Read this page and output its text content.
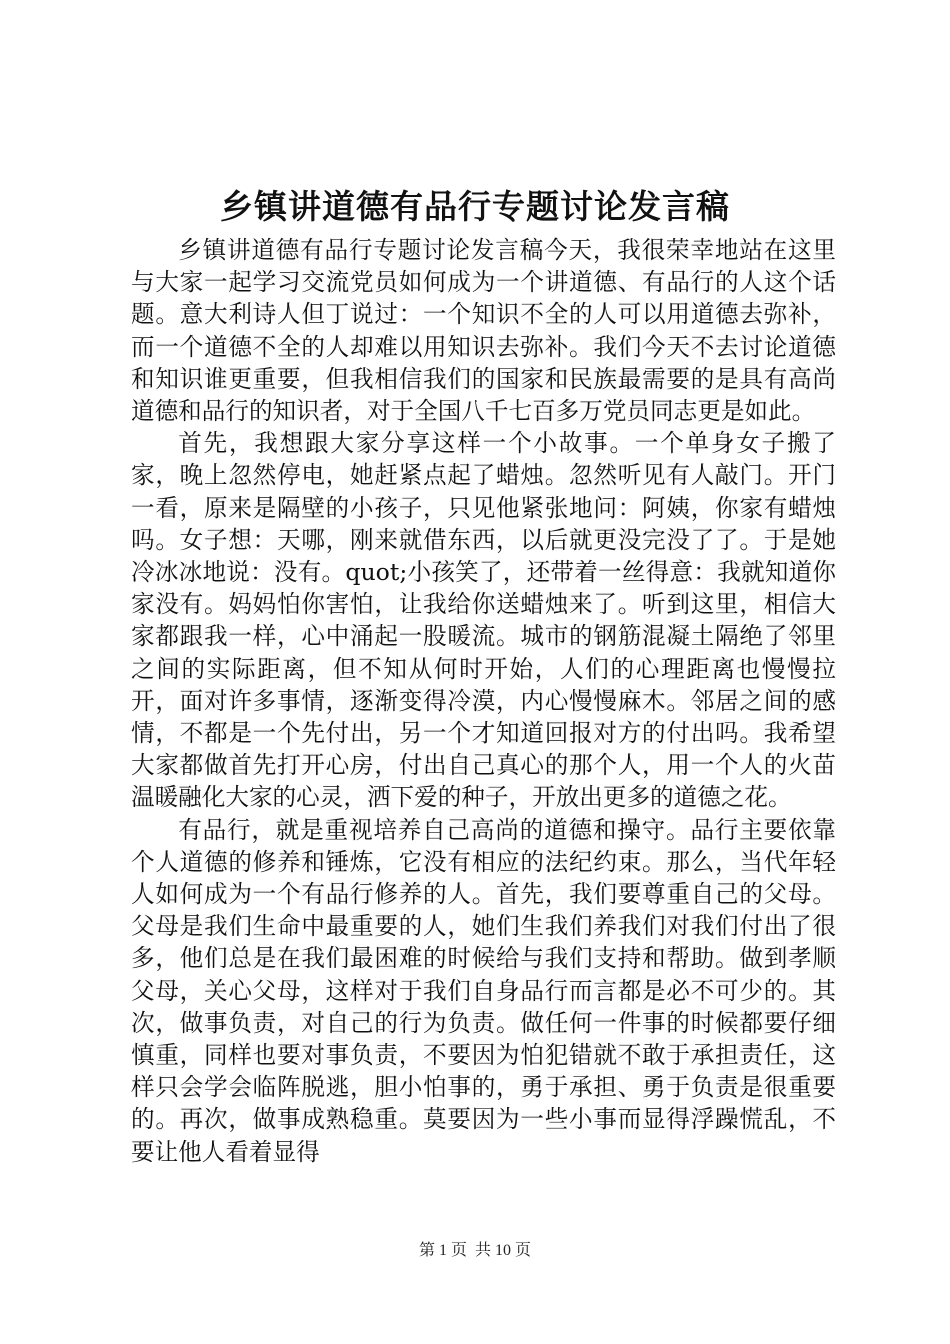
乡镇讲道德有品行专题讨论发言稿

乡镇讲道德有品行专题讨论发言稿今天，我很荣幸地站在这里与大家一起学习交流党员如何成为一个讲道德、有品行的人这个话题。意大利诗人但丁说过：一个知识不全的人可以用道德去弥补，而一个道德不全的人却难以用知识去弥补。我们今天不去讨论道德和知识谁更重要，但我相信我们的国家和民族最需要的是具有高尚道德和品行的知识者，对于全国八千七百多万党员同志更是如此。

首先，我想跟大家分享这样一个小故事。一个单身女子搬了家，晚上忽然停电，她赶紧点起了蜡烛。忽然听见有人敲门。开门一看，原来是隔壁的小孩子，只见他紧张地问：阿姨，你家有蜡烛吗。女子想：天哪，刚来就借东西，以后就更没完没了了。于是她冷冰冰地说：没有。quot;小孩笑了，还带着一丝得意：我就知道你家没有。妈妈怕你害怕，让我给你送蜡烛来了。听到这里，相信大家都跟我一样，心中涌起一股暖流。城市的钢筋混凝土隔绝了邻里之间的实际距离，但不知从何时开始，人们的心理距离也慢慢拉开，面对许多事情，逐渐变得冷漠，内心慢慢麻木。邻居之间的感情，不都是一个先付出，另一个才知道回报对方的付出吗。我希望大家都做首先打开心房，付出自己真心的那个人，用一个人的火苗温暖融化大家的心灵，洒下爱的种子，开放出更多的道德之花。

有品行，就是重视培养自己高尚的道德和操守。品行主要依靠个人道德的修养和锤炼，它没有相应的法纪约束。那么，当代年轻人如何成为一个有品行修养的人。首先，我们要尊重自己的父母。父母是我们生命中最重要的人，她们生我们养我们对我们付出了很多，他们总是在我们最困难的时候给与我们支持和帮助。做到孝顺父母，关心父母，这样对于我们自身品行而言都是必不可少的。其次，做事负责，对自己的行为负责。做任何一件事的时候都要仔细慎重，同样也要对事负责，不要因为怕犯错就不敢于承担责任，这样只会学会临阵脱逃，胆小怕事的，勇于承担、勇于负责是很重要的。再次，做事成熟稳重。莫要因为一些小事而显得浮躁慌乱，不要让他人看着显得

第 1 页  共 10 页
